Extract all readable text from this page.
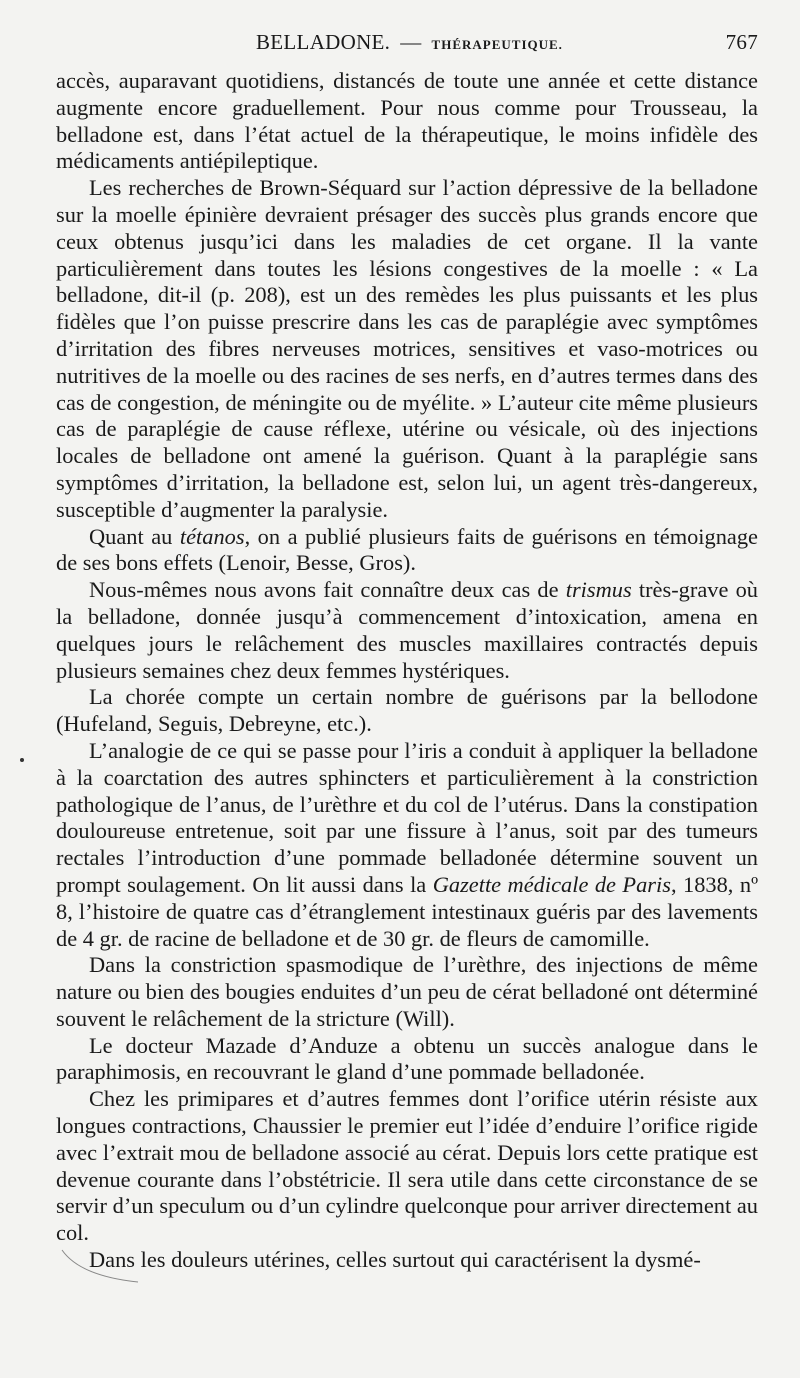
BELLADONE. — THÉRAPEUTIQUE.	767

accès, auparavant quotidiens, distancés de toute une année et cette distance augmente encore graduellement. Pour nous comme pour Trousseau, la belladone est, dans l’état actuel de la thérapeutique, le moins infidèle des médicaments antiépileptique.

Les recherches de Brown-Séquard sur l’action dépressive de la belladone sur la moelle épinière devraient présager des succès plus grands encore que ceux obtenus jusqu’ici dans les maladies de cet organe. Il la vante particulièrement dans toutes les lésions congestives de la moelle : « La belladone, dit-il (p. 208), est un des remèdes les plus puissants et les plus fidèles que l’on puisse prescrire dans les cas de paraplégie avec symptômes d’irritation des fibres nerveuses motrices, sensitives et vaso-motrices ou nutritives de la moelle ou des racines de ses nerfs, en d’autres termes dans des cas de congestion, de méningite ou de myélite. » L’auteur cite même plusieurs cas de paraplégie de cause réflexe, utérine ou vésicale, où des injections locales de belladone ont amené la guérison. Quant à la paraplégie sans symptômes d’irritation, la belladone est, selon lui, un agent très-dangereux, susceptible d’augmenter la paralysie.

Quant au tétanos, on a publié plusieurs faits de guérisons en témoignage de ses bons effets (Lenoir, Besse, Gros).

Nous-mêmes nous avons fait connaître deux cas de trismus très-grave où la belladone, donnée jusqu’à commencement d’intoxication, amena en quelques jours le relâchement des muscles maxillaires contractés depuis plusieurs semaines chez deux femmes hystériques.

La chorée compte un certain nombre de guérisons par la bellodone (Hufeland, Seguis, Debreyne, etc.).

L’analogie de ce qui se passe pour l’iris a conduit à appliquer la belladone à la coarctation des autres sphincters et particulièrement à la constriction pathologique de l’anus, de l’urèthre et du col de l’utérus. Dans la constipation douloureuse entretenue, soit par une fissure à l’anus, soit par des tumeurs rectales l’introduction d’une pommade belladonée détermine souvent un prompt soulagement. On lit aussi dans la Gazette médicale de Paris, 1838, nº 8, l’histoire de quatre cas d’étranglement intestinaux guéris par des lavements de 4 gr. de racine de belladone et de 30 gr. de fleurs de camomille.

Dans la constriction spasmodique de l’urèthre, des injections de même nature ou bien des bougies enduites d’un peu de cérat belladoné ont déterminé souvent le relâchement de la stricture (Will).

Le docteur Mazade d’Anduze a obtenu un succès analogue dans le paraphimosis, en recouvrant le gland d’une pommade belladonée.

Chez les primipares et d’autres femmes dont l’orifice utérin résiste aux longues contractions, Chaussier le premier eut l’idée d’enduire l’orifice rigide avec l’extrait mou de belladone associé au cérat. Depuis lors cette pratique est devenue courante dans l’obstétricie. Il sera utile dans cette circonstance de se servir d’un speculum ou d’un cylindre quelconque pour arriver directement au col.

Dans les douleurs utérines, celles surtout qui caractérisent la dysmé-
